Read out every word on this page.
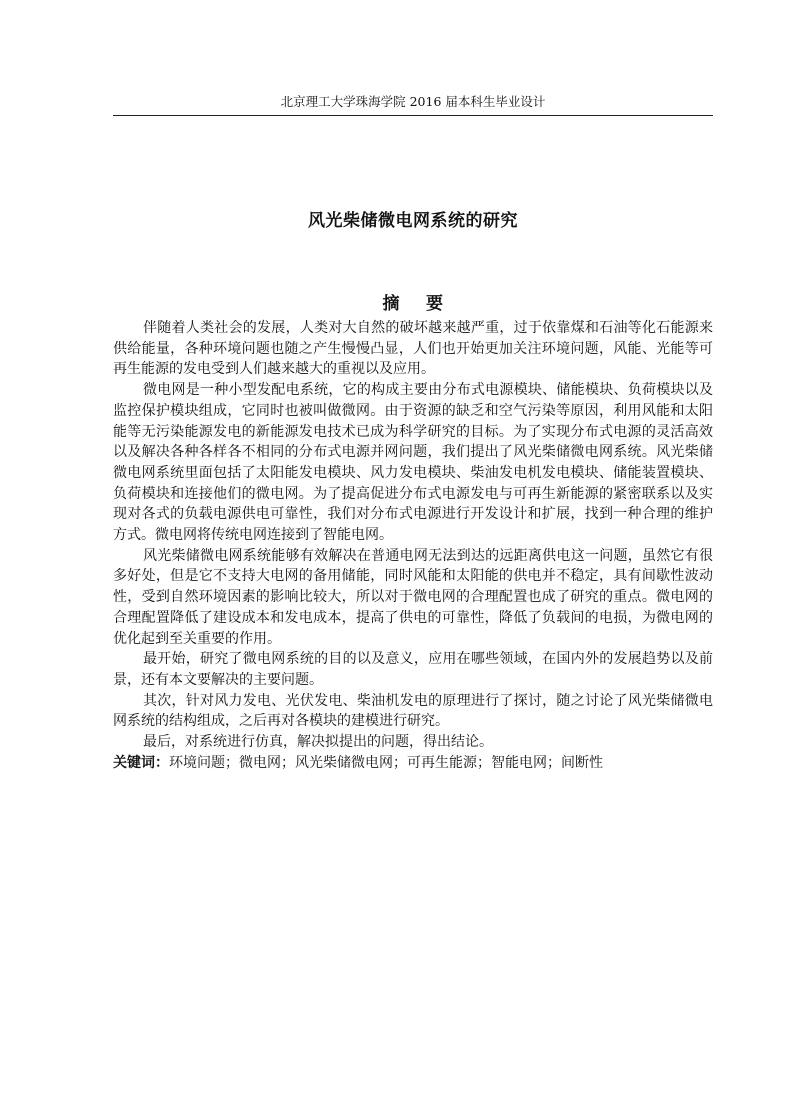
北京理工大学珠海学院 2016 届本科生毕业设计
风光柴储微电网系统的研究
摘 要

伴随着人类社会的发展，人类对大自然的破坏越来越严重，过于依靠煤和石油等化石能源来供给能量，各种环境问题也随之产生慢慢凸显，人们也开始更加关注环境问题，风能、光能等可再生能源的发电受到人们越来越大的重视以及应用。

微电网是一种小型发配电系统，它的构成主要由分布式电源模块、储能模块、负荷模块以及监控保护模块组成，它同时也被叫做微网。由于资源的缺乏和空气污染等原因，利用风能和太阳能等无污染能源发电的新能源发电技术已成为科学研究的目标。为了实现分布式电源的灵活高效以及解决各种各样各不相同的分布式电源并网问题，我们提出了风光柴储微电网系统。风光柴储微电网系统里面包括了太阳能发电模块、风力发电模块、柴油发电机发电模块、储能装置模块、负荷模块和连接他们的微电网。为了提高促进分布式电源发电与可再生新能源的紧密联系以及实现对各式的负载电源供电可靠性，我们对分布式电源进行开发设计和扩展，找到一种合理的维护方式。微电网将传统电网连接到了智能电网。

风光柴储微电网系统能够有效解决在普通电网无法到达的远距离供电这一问题，虽然它有很多好处，但是它不支持大电网的备用储能，同时风能和太阳能的供电并不稳定，具有间歇性波动性，受到自然环境因素的影响比较大，所以对于微电网的合理配置也成了研究的重点。微电网的合理配置降低了建设成本和发电成本，提高了供电的可靠性，降低了负载间的电损，为微电网的优化起到至关重要的作用。

最开始，研究了微电网系统的目的以及意义，应用在哪些领域，在国内外的发展趋势以及前景，还有本文要解决的主要问题。

其次，针对风力发电、光伏发电、柴油机发电的原理进行了探讨，随之讨论了风光柴储微电网系统的结构组成，之后再对各模块的建模进行研究。

最后，对系统进行仿真，解决拟提出的问题，得出结论。

关键词：环境问题；微电网；风光柴储微电网；可再生能源；智能电网；间断性
